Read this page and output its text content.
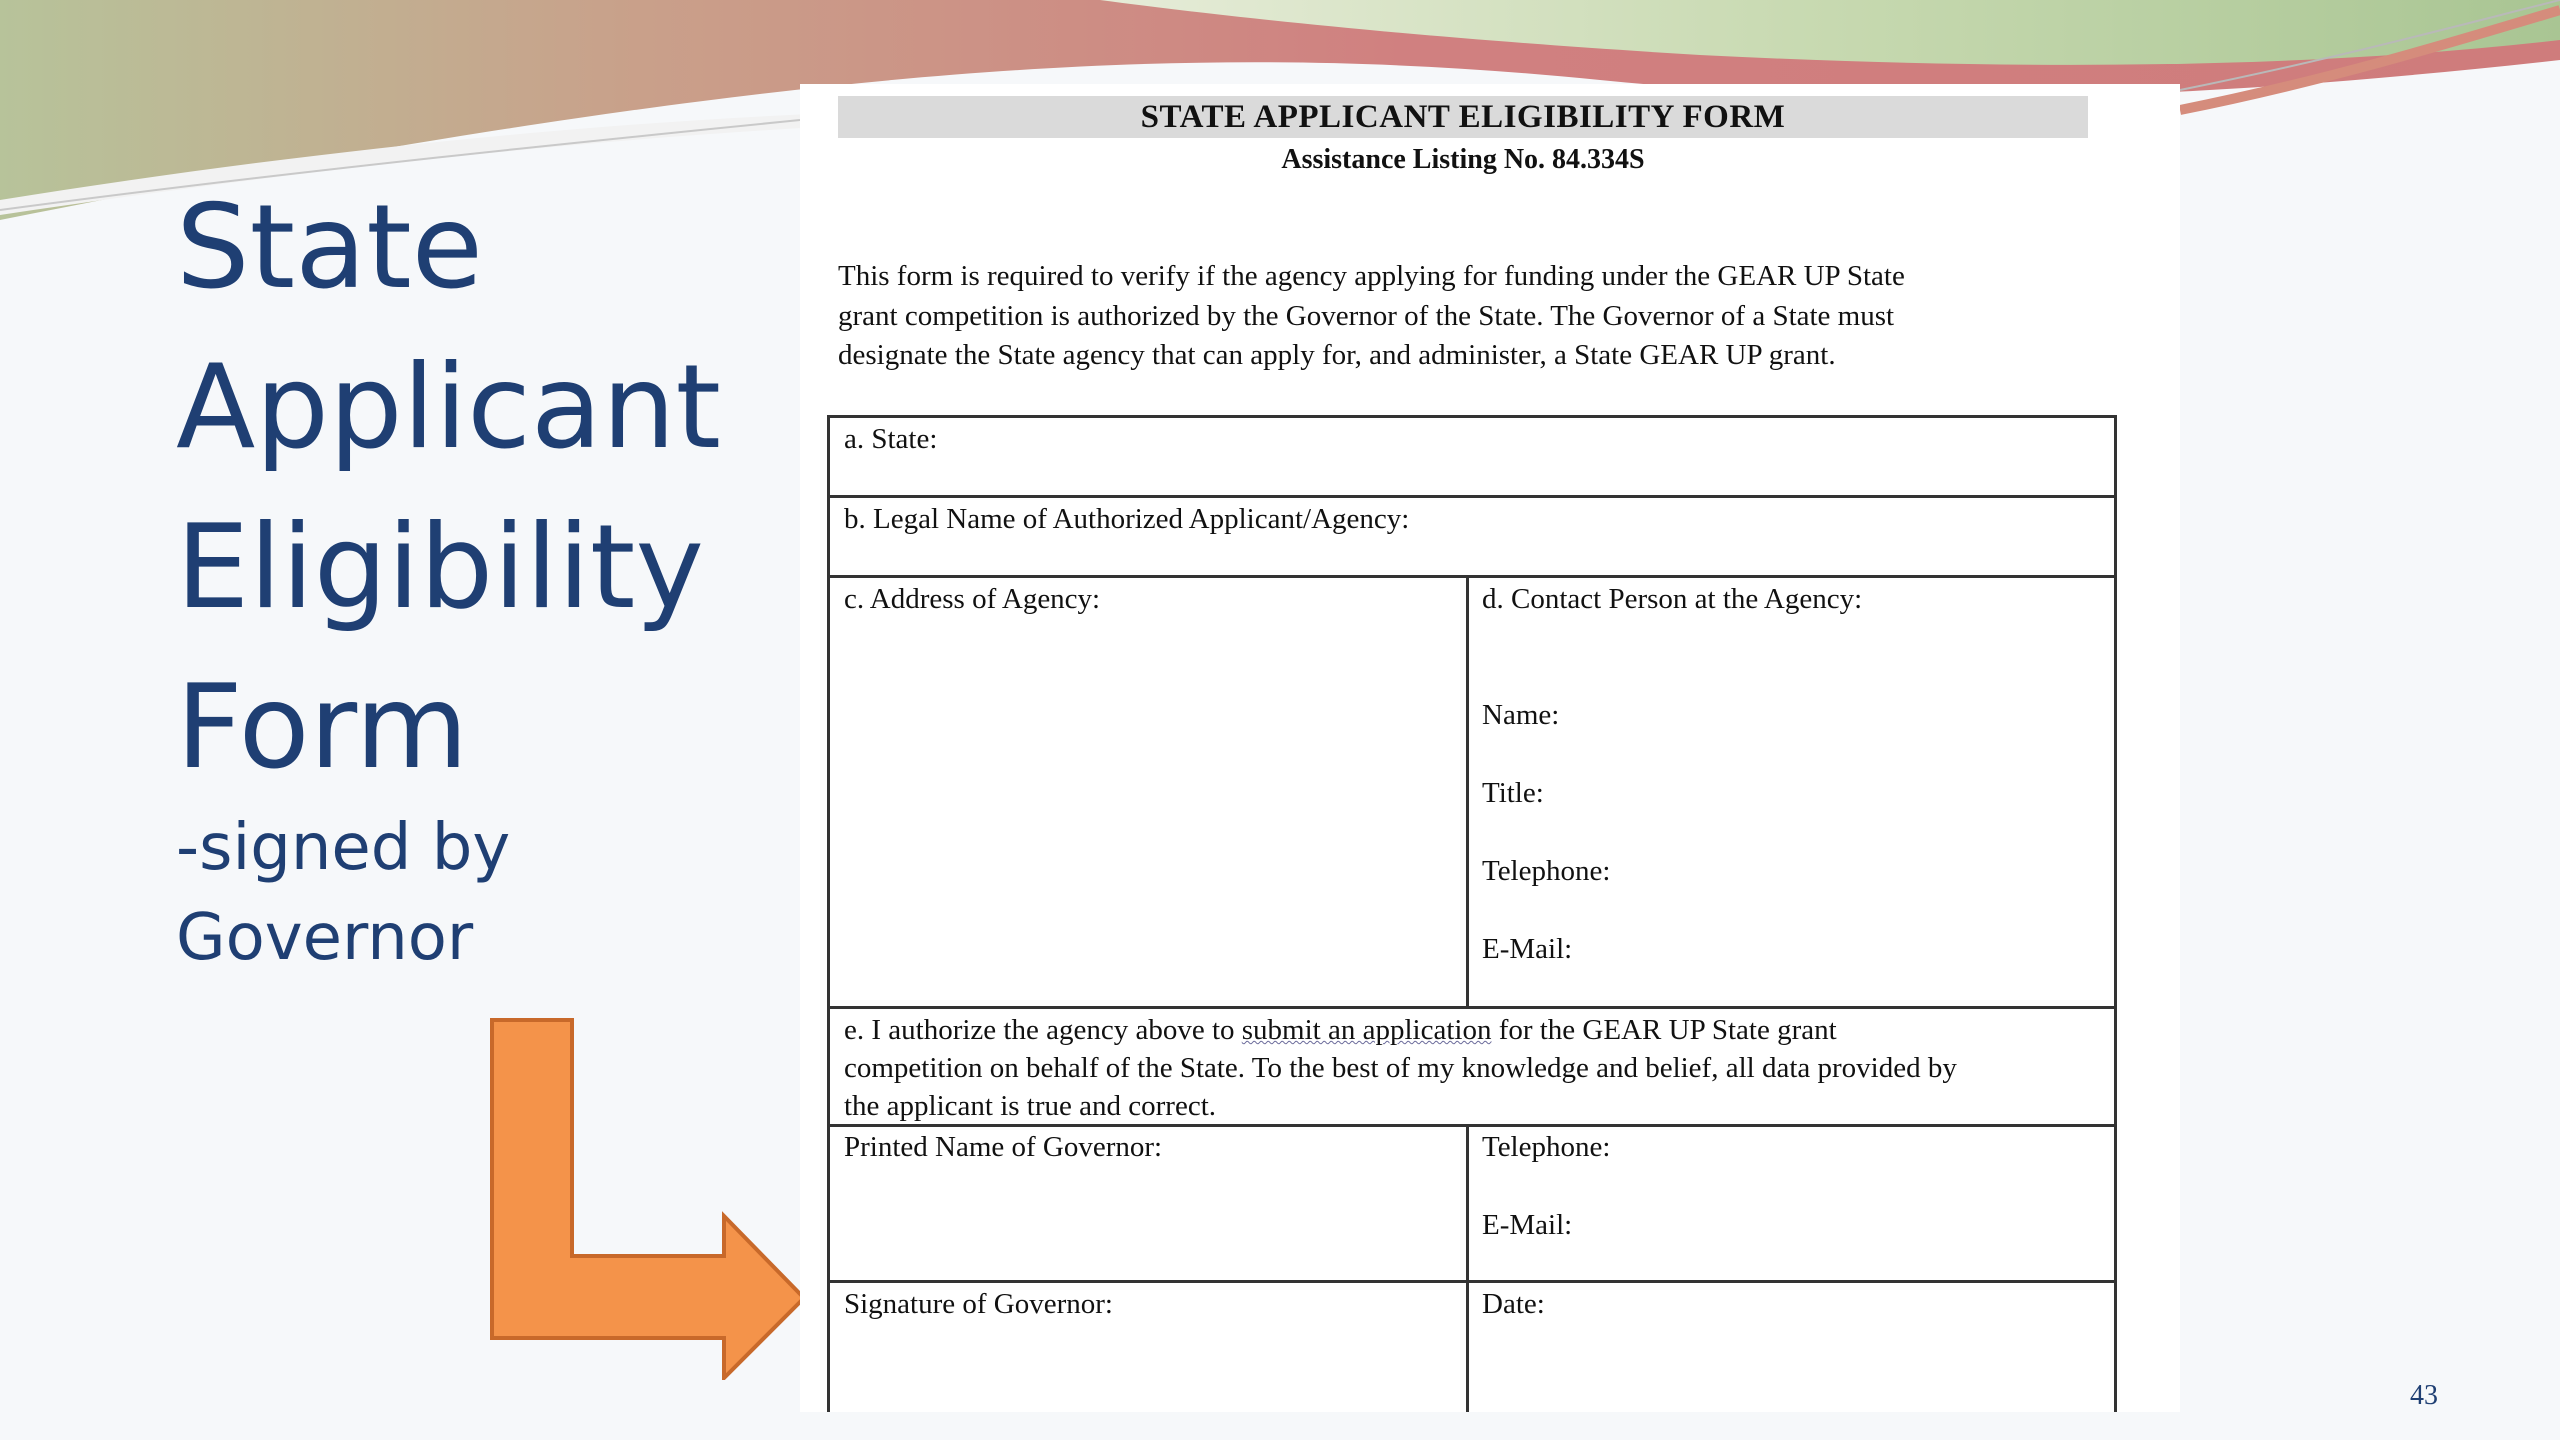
State
Applicant
Eligibility
Form
-signed by
Governor
STATE APPLICANT ELIGIBILITY FORM
Assistance Listing No. 84.334S
This form is required to verify if the agency applying for funding under the GEAR UP State
grant competition is authorized by the Governor of the State. The Governor of a State must
designate the State agency that can apply for, and administer, a State GEAR UP grant.
a. State:
b. Legal Name of Authorized Applicant/Agency:
c. Address of Agency:	d. Contact Person at the Agency:
Name:
Title:
Telephone:
E-Mail:
e. I authorize the agency above to submit an application for the GEAR UP State grant
competition on behalf of the State. To the best of my knowledge and belief, all data provided by
the applicant is true and correct.
Printed Name of Governor:	Telephone:
E-Mail:
Signature of Governor:	Date:
43
